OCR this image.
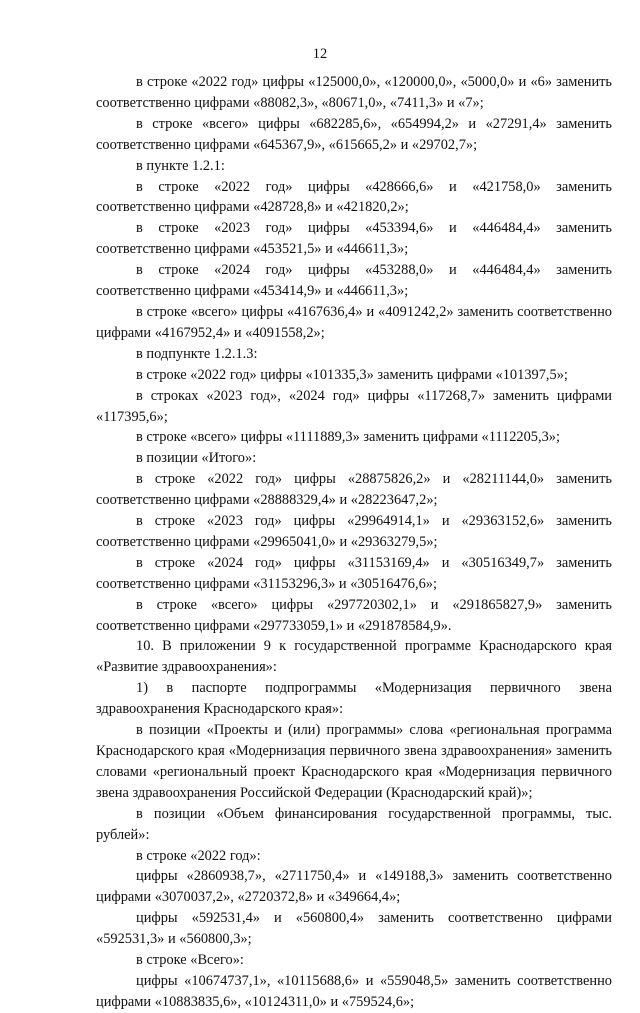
12

в строке «2022 год» цифры «125000,0», «120000,0», «5000,0» и «6» заменить соответственно цифрами «88082,3», «80671,0», «7411,3» и «7»;

в строке «всего» цифры «682285,6», «654994,2» и «27291,4» заменить соответственно цифрами «645367,9», «615665,2» и «29702,7»;

в пункте 1.2.1:

в строке «2022 год» цифры «428666,6» и «421758,0» заменить соответственно цифрами «428728,8» и «421820,2»;

в строке «2023 год» цифры «453394,6» и «446484,4» заменить соответственно цифрами «453521,5» и «446611,3»;

в строке «2024 год» цифры «453288,0» и «446484,4» заменить соответственно цифрами «453414,9» и «446611,3»;

в строке «всего» цифры «4167636,4» и «4091242,2» заменить соответственно цифрами «4167952,4» и «4091558,2»;

в подпункте 1.2.1.3:

в строке «2022 год» цифры «101335,3» заменить цифрами «101397,5»;

в строках «2023 год», «2024 год» цифры «117268,7» заменить цифрами «117395,6»;

в строке «всего» цифры «1111889,3» заменить цифрами «1112205,3»;

в позиции «Итого»:

в строке «2022 год» цифры «28875826,2» и «28211144,0» заменить соответственно цифрами «28888329,4» и «28223647,2»;

в строке «2023 год» цифры «29964914,1» и «29363152,6» заменить соответственно цифрами «29965041,0» и «29363279,5»;

в строке «2024 год» цифры «31153169,4» и «30516349,7» заменить соответственно цифрами «31153296,3» и «30516476,6»;

в строке «всего» цифры «297720302,1» и «291865827,9» заменить соответственно цифрами «297733059,1» и «291878584,9».

10. В приложении 9 к государственной программе Краснодарского края «Развитие здравоохранения»:

1) в паспорте подпрограммы «Модернизация первичного звена здравоохранения Краснодарского края»:

в позиции «Проекты и (или) программы» слова «региональная программа Краснодарского края «Модернизация первичного звена здравоохранения» заменить словами «региональный проект Краснодарского края «Модернизация первичного звена здравоохранения Российской Федерации (Краснодарский край)»;

в позиции «Объем финансирования государственной программы, тыс. рублей»:

в строке «2022 год»:

цифры «2860938,7», «2711750,4» и «149188,3» заменить соответственно цифрами «3070037,2», «2720372,8» и «349664,4»;

цифры «592531,4» и «560800,4» заменить соответственно цифрами «592531,3» и «560800,3»;

в строке «Всего»:

цифры «10674737,1», «10115688,6» и «559048,5» заменить соответственно цифрами «10883835,6», «10124311,0» и «759524,6»;
